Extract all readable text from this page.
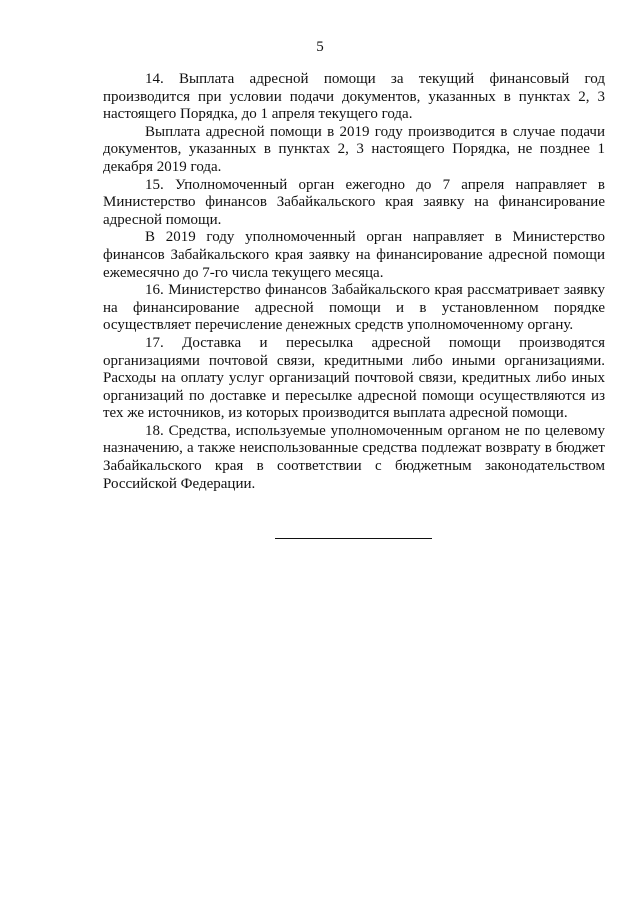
5

14. Выплата адресной помощи за текущий финансовый год производится при условии подачи документов, указанных в пунктах 2, 3 настоящего Порядка, до 1 апреля текущего года.

Выплата адресной помощи в 2019 году производится в случае подачи документов, указанных в пунктах 2, 3 настоящего Порядка, не позднее 1 декабря 2019 года.

15. Уполномоченный орган ежегодно до 7 апреля направляет в Министерство финансов Забайкальского края заявку на финансирование адресной помощи.

В 2019 году уполномоченный орган направляет в Министерство финансов Забайкальского края заявку на финансирование адресной помощи ежемесячно до 7-го числа текущего месяца.

16. Министерство финансов Забайкальского края рассматривает заявку на финансирование адресной помощи и в установленном порядке осуществляет перечисление денежных средств уполномоченному органу.

17. Доставка и пересылка адресной помощи производятся организациями почтовой связи, кредитными либо иными организациями. Расходы на оплату услуг организаций почтовой связи, кредитных либо иных организаций по доставке и пересылке адресной помощи осуществляются из тех же источников, из которых производится выплата адресной помощи.

18. Средства, используемые уполномоченным органом не по целевому назначению, а также неиспользованные средства подлежат возврату в бюджет Забайкальского края в соответствии с бюджетным законодательством Российской Федерации.
